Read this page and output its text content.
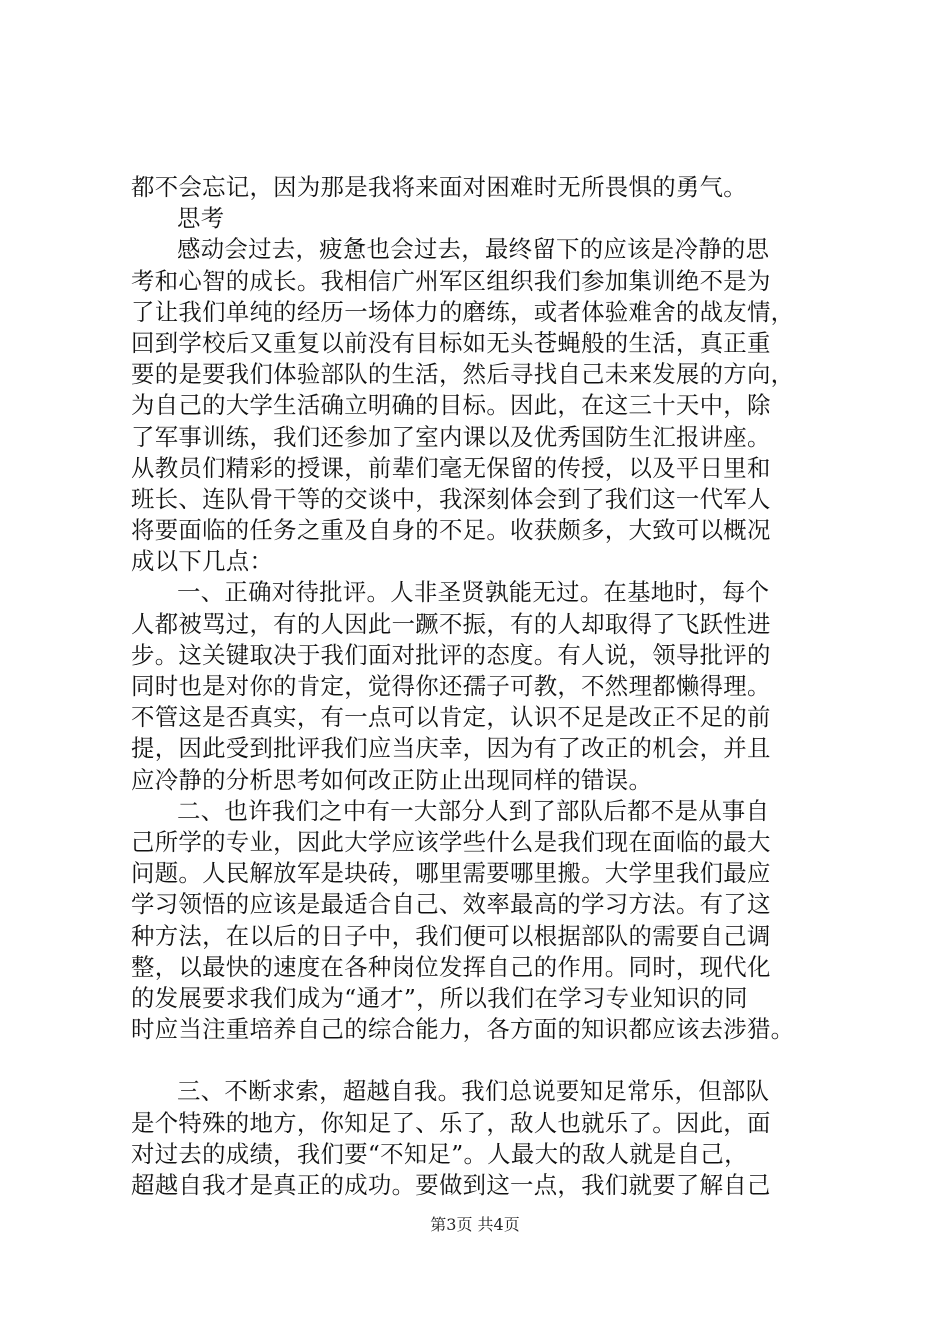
都不会忘记，因为那是我将来面对困难时无所畏惧的勇气。
思考
感动会过去，疲惫也会过去，最终留下的应该是冷静的思
考和心智的成长。我相信广州军区组织我们参加集训绝不是为
了让我们单纯的经历一场体力的磨练，或者体验难舍的战友情，
回到学校后又重复以前没有目标如无头苍蝇般的生活，真正重
要的是要我们体验部队的生活，然后寻找自己未来发展的方向，
为自己的大学生活确立明确的目标。因此，在这三十天中，除
了军事训练，我们还参加了室内课以及优秀国防生汇报讲座。
从教员们精彩的授课，前辈们毫无保留的传授，以及平日里和
班长、连队骨干等的交谈中，我深刻体会到了我们这一代军人
将要面临的任务之重及自身的不足。收获颇多，大致可以概况
成以下几点：
一、正确对待批评。人非圣贤孰能无过。在基地时，每个
人都被骂过，有的人因此一蹶不振，有的人却取得了飞跃性进
步。这关键取决于我们面对批评的态度。有人说，领导批评的
同时也是对你的肯定，觉得你还孺子可教，不然理都懒得理。
不管这是否真实，有一点可以肯定，认识不足是改正不足的前
提，因此受到批评我们应当庆幸，因为有了改正的机会，并且
应冷静的分析思考如何改正防止出现同样的错误。
二、也许我们之中有一大部分人到了部队后都不是从事自
己所学的专业，因此大学应该学些什么是我们现在面临的最大
问题。人民解放军是块砖，哪里需要哪里搬。大学里我们最应
学习领悟的应该是最适合自己、效率最高的学习方法。有了这
种方法，在以后的日子中，我们便可以根据部队的需要自己调
整，以最快的速度在各种岗位发挥自己的作用。同时，现代化
的发展要求我们成为“通才”，所以我们在学习专业知识的同
时应当注重培养自己的综合能力，各方面的知识都应该去涉猎。
三、不断求索，超越自我。我们总说要知足常乐，但部队
是个特殊的地方，你知足了、乐了，敌人也就乐了。因此，面
对过去的成绩，我们要“不知足”。人最大的敌人就是自己，
超越自我才是真正的成功。要做到这一点，我们就要了解自己
第3页 共4页
